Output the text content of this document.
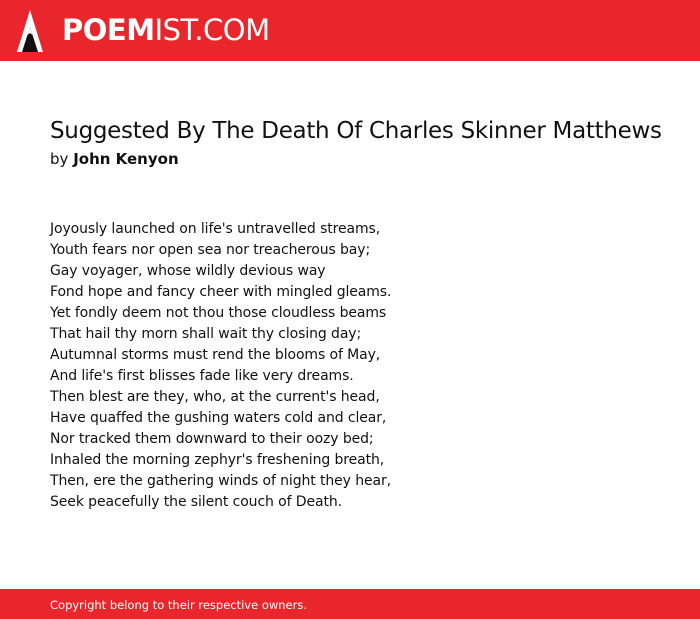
POEMIST.COM
Suggested By The Death Of Charles Skinner Matthews
by John Kenyon
Joyously launched on life's untravelled streams,
Youth fears nor open sea nor treacherous bay;
Gay voyager, whose wildly devious way
Fond hope and fancy cheer with mingled gleams.
Yet fondly deem not thou those cloudless beams
That hail thy morn shall wait thy closing day;
Autumnal storms must rend the blooms of May,
And life's first blisses fade like very dreams.
Then blest are they, who, at the current's head,
Have quaffed the gushing waters cold and clear,
Nor tracked them downward to their oozy bed;
Inhaled the morning zephyr's freshening breath,
Then, ere the gathering winds of night they hear,
Seek peacefully the silent couch of Death.
Copyright belong to their respective owners.
